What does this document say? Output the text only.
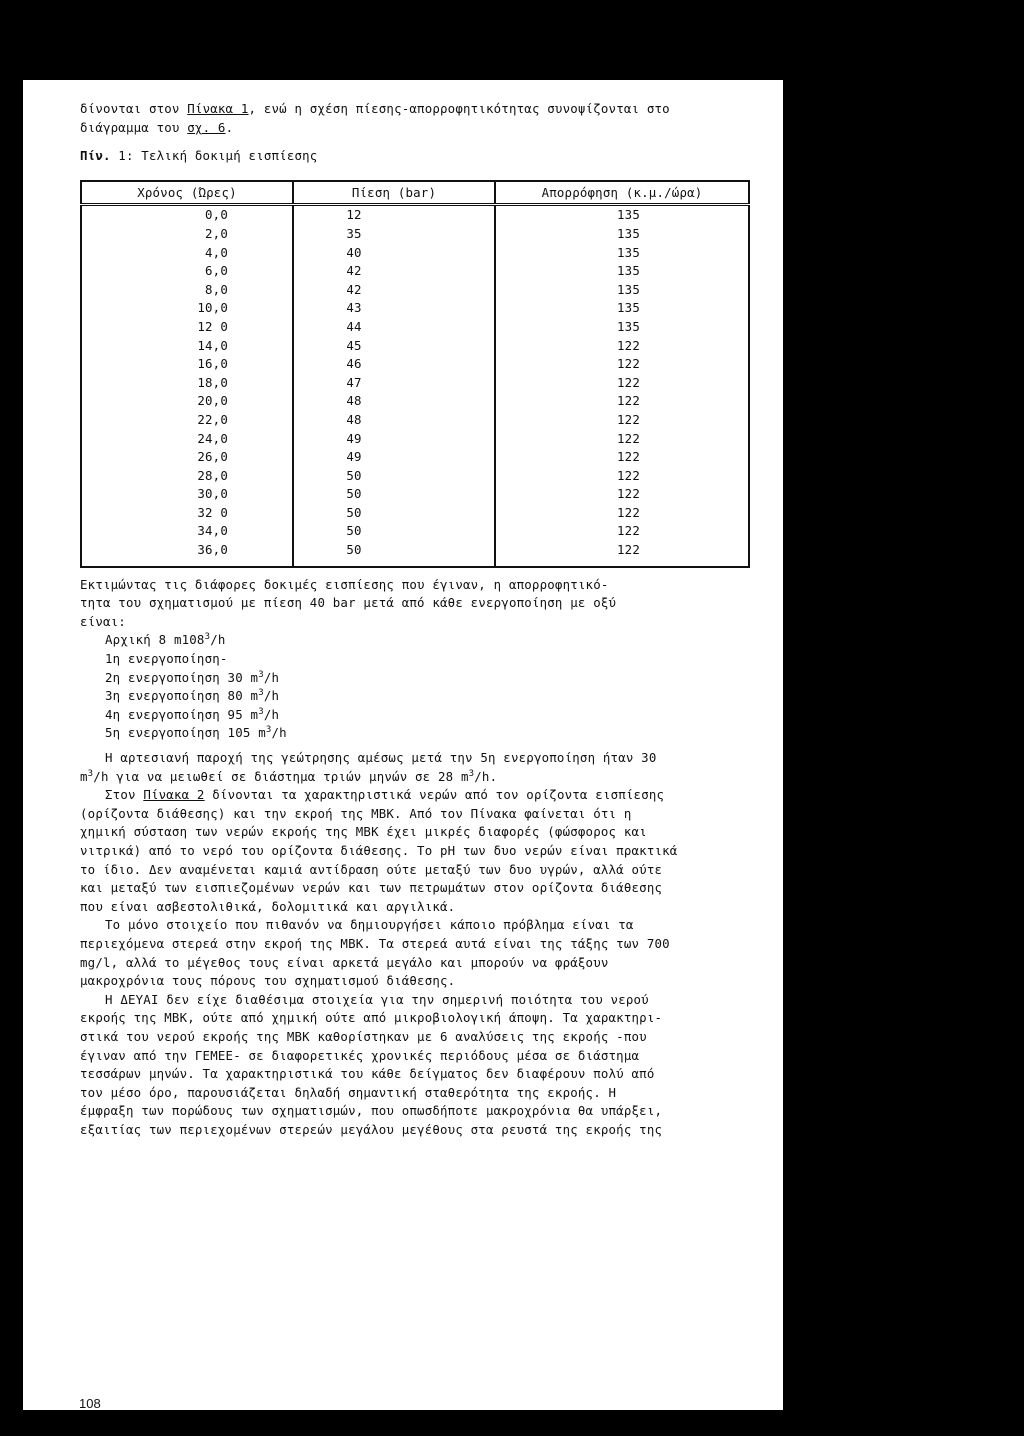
δίνονται στον Πίνακα 1, ενώ η σχέση πίεσης-απορροφητικότητας συνοψίζονται στο
διάγραμμα του σχ. 6.

Πίν. 1: Τελική δοκιμή εισπίεσης
Χρόνος (Ώρες)	Πίεση (bar)	Απορρόφηση (κ.μ./ώρα)
0,0	12	135
2,0	35	135
4,0	40	135
6,0	42	135
8,0	42	135
10,0	43	135
12 0	44	135
14,0	45	122
16,0	46	122
18,0	47	122
20,0	48	122
22,0	48	122
24,0	49	122
26,0	49	122
28,0	50	122
30,0	50	122
32 0	50	122
34,0	50	122
36,0	50	122
Εκτιμώντας τις διάφορες δοκιμές εισπίεσης που έγιναν, η απορροφητικό-
τητα του σχηματισμού με πίεση 40 bar μετά από κάθε ενεργοποίηση με οξύ
είναι:
Αρχική 8 $m108^3/h$
1η ενεργοποίηση-
2η ενεργοποίηση 30 $m^3/h$
3η ενεργοποίηση 80 $m^3/h$
4η ενεργοποίηση 95 $m^3/h$
5η ενεργοποίηση 105 $m^3/h$
Η αρτεσιανή παροχή της γεώτρησης αμέσως μετά την 5η ενεργοποίηση ήταν 30
$m^3/h$ για να μειωθεί σε διάστημα τριών μηνών σε 28 $m^3/h$.
Στον Πίνακα 2 δίνονται τα χαρακτηριστικά νερών από τον ορίζοντα εισπίεσης
(ορίζοντα διάθεσης) και την εκροή της ΜΒΚ. Από τον Πίνακα φαίνεται ότι η
χημική σύσταση των νερών εκροής της ΜΒΚ έχει μικρές διαφορές (φώσφορος και
νιτρικά) από το νερό του ορίζοντα διάθεσης. Το pH των δυο νερών είναι πρακτικά
το ίδιο. Δεν αναμένεται καμιά αντίδραση ούτε μεταξύ των δυο υγρών, αλλά ούτε
και μεταξύ των εισπιεζομένων νερών και των πετρωμάτων στον ορίζοντα διάθεσης
που είναι ασβεστολιθικά, δολομιτικά και αργιλικά.
Το μόνο στοιχείο που πιθανόν να δημιουργήσει κάποιο πρόβλημα είναι τα
περιεχόμενα στερεά στην εκροή της ΜΒΚ. Τα στερεά αυτά είναι της τάξης των 700
mg/l, αλλά το μέγεθος τους είναι αρκετά μεγάλο και μπορούν να φράξουν
μακροχρόνια τους πόρους του σχηματισμού διάθεσης.
Η ΔΕΥΑΙ δεν είχε διαθέσιμα στοιχεία για την σημερινή ποιότητα του νερού
εκροής της ΜΒΚ, ούτε από χημική ούτε από μικροβιολογική άποψη. Τα χαρακτηρι-
στικά του νερού εκροής της ΜΒΚ καθορίστηκαν με 6 αναλύσεις της εκροής -που
έγιναν από την ΓΕΜΕΕ- σε διαφορετικές χρονικές περιόδους μέσα σε διάστημα
τεσσάρων μηνών. Τα χαρακτηριστικά του κάθε δείγματος δεν διαφέρουν πολύ από
τον μέσο όρο, παρουσιάζεται δηλαδή σημαντική σταθερότητα της εκροής. Η
έμφραξη των πορώδους των σχηματισμών, που οπωσδήποτε μακροχρόνια θα υπάρξει,
εξαιτίας των περιεχομένων στερεών μεγάλου μεγέθους στα ρευστά της εκροής της
108
